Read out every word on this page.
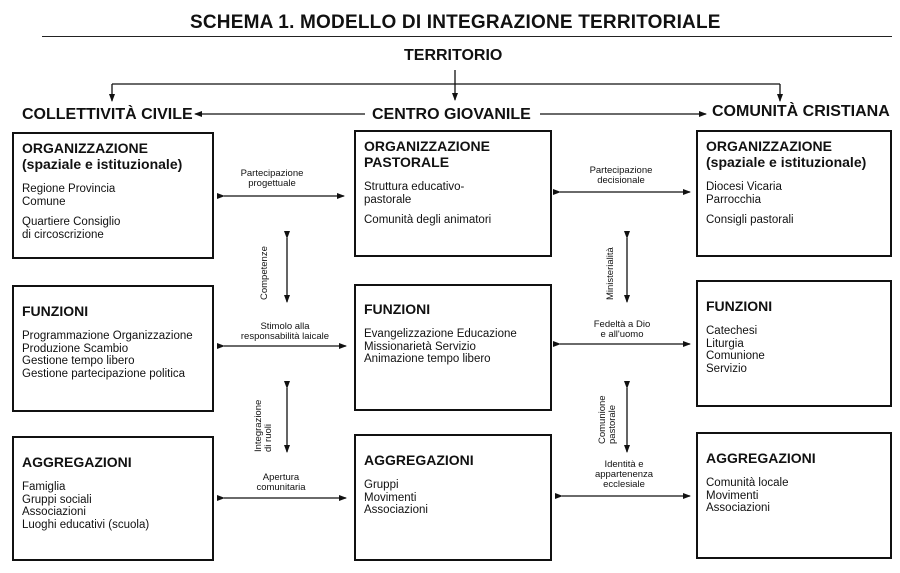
SCHEMA 1. MODELLO DI INTEGRAZIONE TERRITORIALE
TERRITORIO
COLLETTIVITÀ CIVILE	CENTRO GIOVANILE	COMUNITÀ CRISTIANA
ORGANIZZAZIONE
(spaziale e istituzionale)
Regione Provincia
Comune
Quartiere Consiglio
di circoscrizione
ORGANIZZAZIONE
PASTORALE
Struttura educativo-
pastorale
Comunità degli animatori
ORGANIZZAZIONE
(spaziale e istituzionale)
Diocesi Vicaria
Parrocchia
Consigli pastorali
FUNZIONI
Programmazione Organizzazione
Produzione Scambio
Gestione tempo libero
Gestione partecipazione politica
FUNZIONI
Evangelizzazione Educazione
Missionarietà Servizio
Animazione tempo libero
FUNZIONI
Catechesi
Liturgia
Comunione
Servizio
AGGREGAZIONI
Famiglia
Gruppi sociali
Associazioni
Luoghi educativi (scuola)
AGGREGAZIONI
Gruppi
Movimenti
Associazioni
AGGREGAZIONI
Comunità locale
Movimenti
Associazioni
Partecipazione
progettuale
Partecipazione
decisionale
Stimolo alla
responsabilità laicale
Fedeltà a Dio
e all'uomo
Apertura
comunitaria
Identità e
appartenenza
ecclesiale
Competenze	Ministerialità
Integrazione di ruoli	Comunione pastorale
